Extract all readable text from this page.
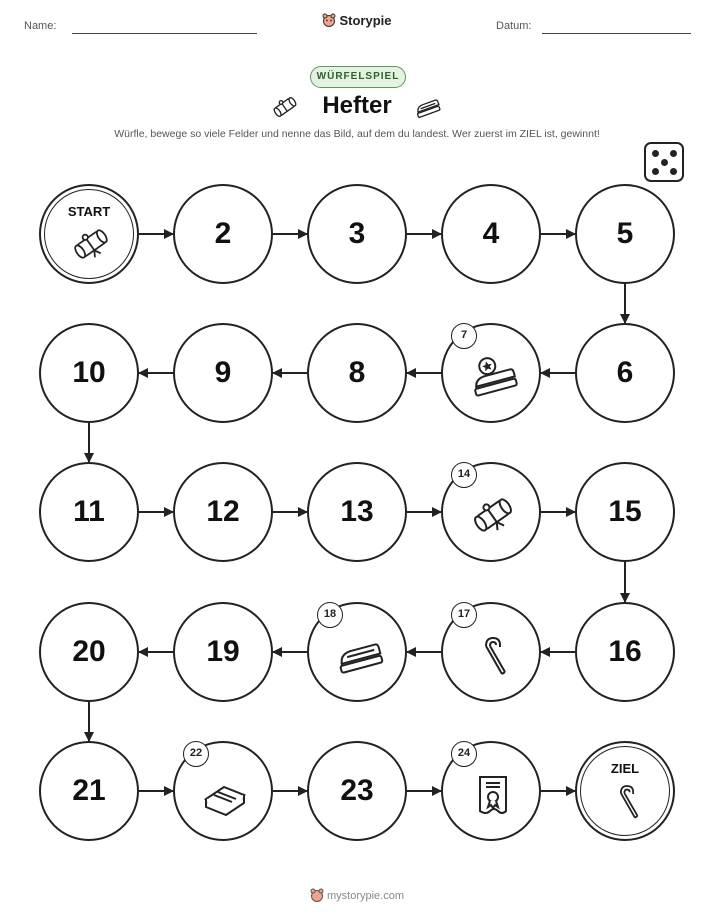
Name:	Storypie	Datum:
WÜRFELSPIEL
Hefter
Würfle, bewege so viele Felder und nenne das Bild, auf dem du landest. Wer zuerst im ZIEL ist, gewinnt!
START
2	3	4	5
6
7
8
9
10
11	12	13
14
15
16
17
18
19
20
21
22
23
24
ZIEL
mystorypie.com
